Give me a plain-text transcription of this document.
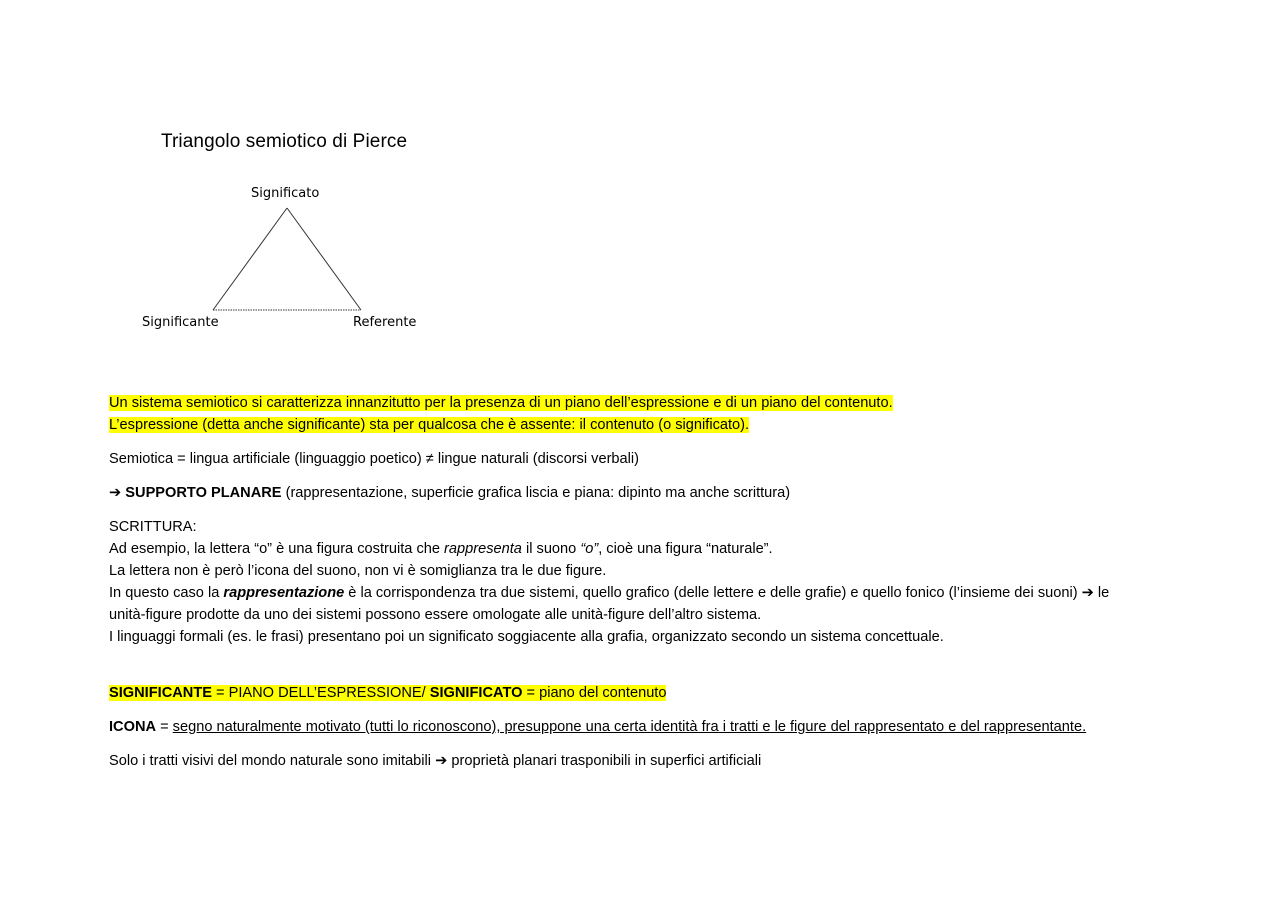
Triangolo semiotico di Pierce
Significato
Significante	Referente
Un sistema semiotico si caratterizza innanzitutto per la presenza di un piano dell’espressione e di un piano del contenuto.
L’espressione (detta anche significante) sta per qualcosa che è assente: il contenuto (o significato).
Semiotica = lingua artificiale (linguaggio poetico) ≠ lingue naturali (discorsi verbali)
➔ SUPPORTO PLANARE (rappresentazione, superficie grafica liscia e piana: dipinto ma anche scrittura)
SCRITTURA:
Ad esempio, la lettera “o” è una figura costruita che rappresenta il suono “o”, cioè una figura “naturale”.
La lettera non è però l’icona del suono, non vi è somiglianza tra le due figure.
In questo caso la rappresentazione è la corrispondenza tra due sistemi, quello grafico (delle lettere e delle grafie) e quello fonico (l’insieme dei suoni) ➔ le
unità-figure prodotte da uno dei sistemi possono essere omologate alle unità-figure dell’altro sistema.
I linguaggi formali (es. le frasi) presentano poi un significato soggiacente alla grafia, organizzato secondo un sistema concettuale.
SIGNIFICANTE = PIANO DELL’ESPRESSIONE/ SIGNIFICATO = piano del contenuto
ICONA = segno naturalmente motivato (tutti lo riconoscono), presuppone una certa identità fra i tratti e le figure del rappresentato e del rappresentante.
Solo i tratti visivi del mondo naturale sono imitabili ➔ proprietà planari trasponibili in superfici artificiali
